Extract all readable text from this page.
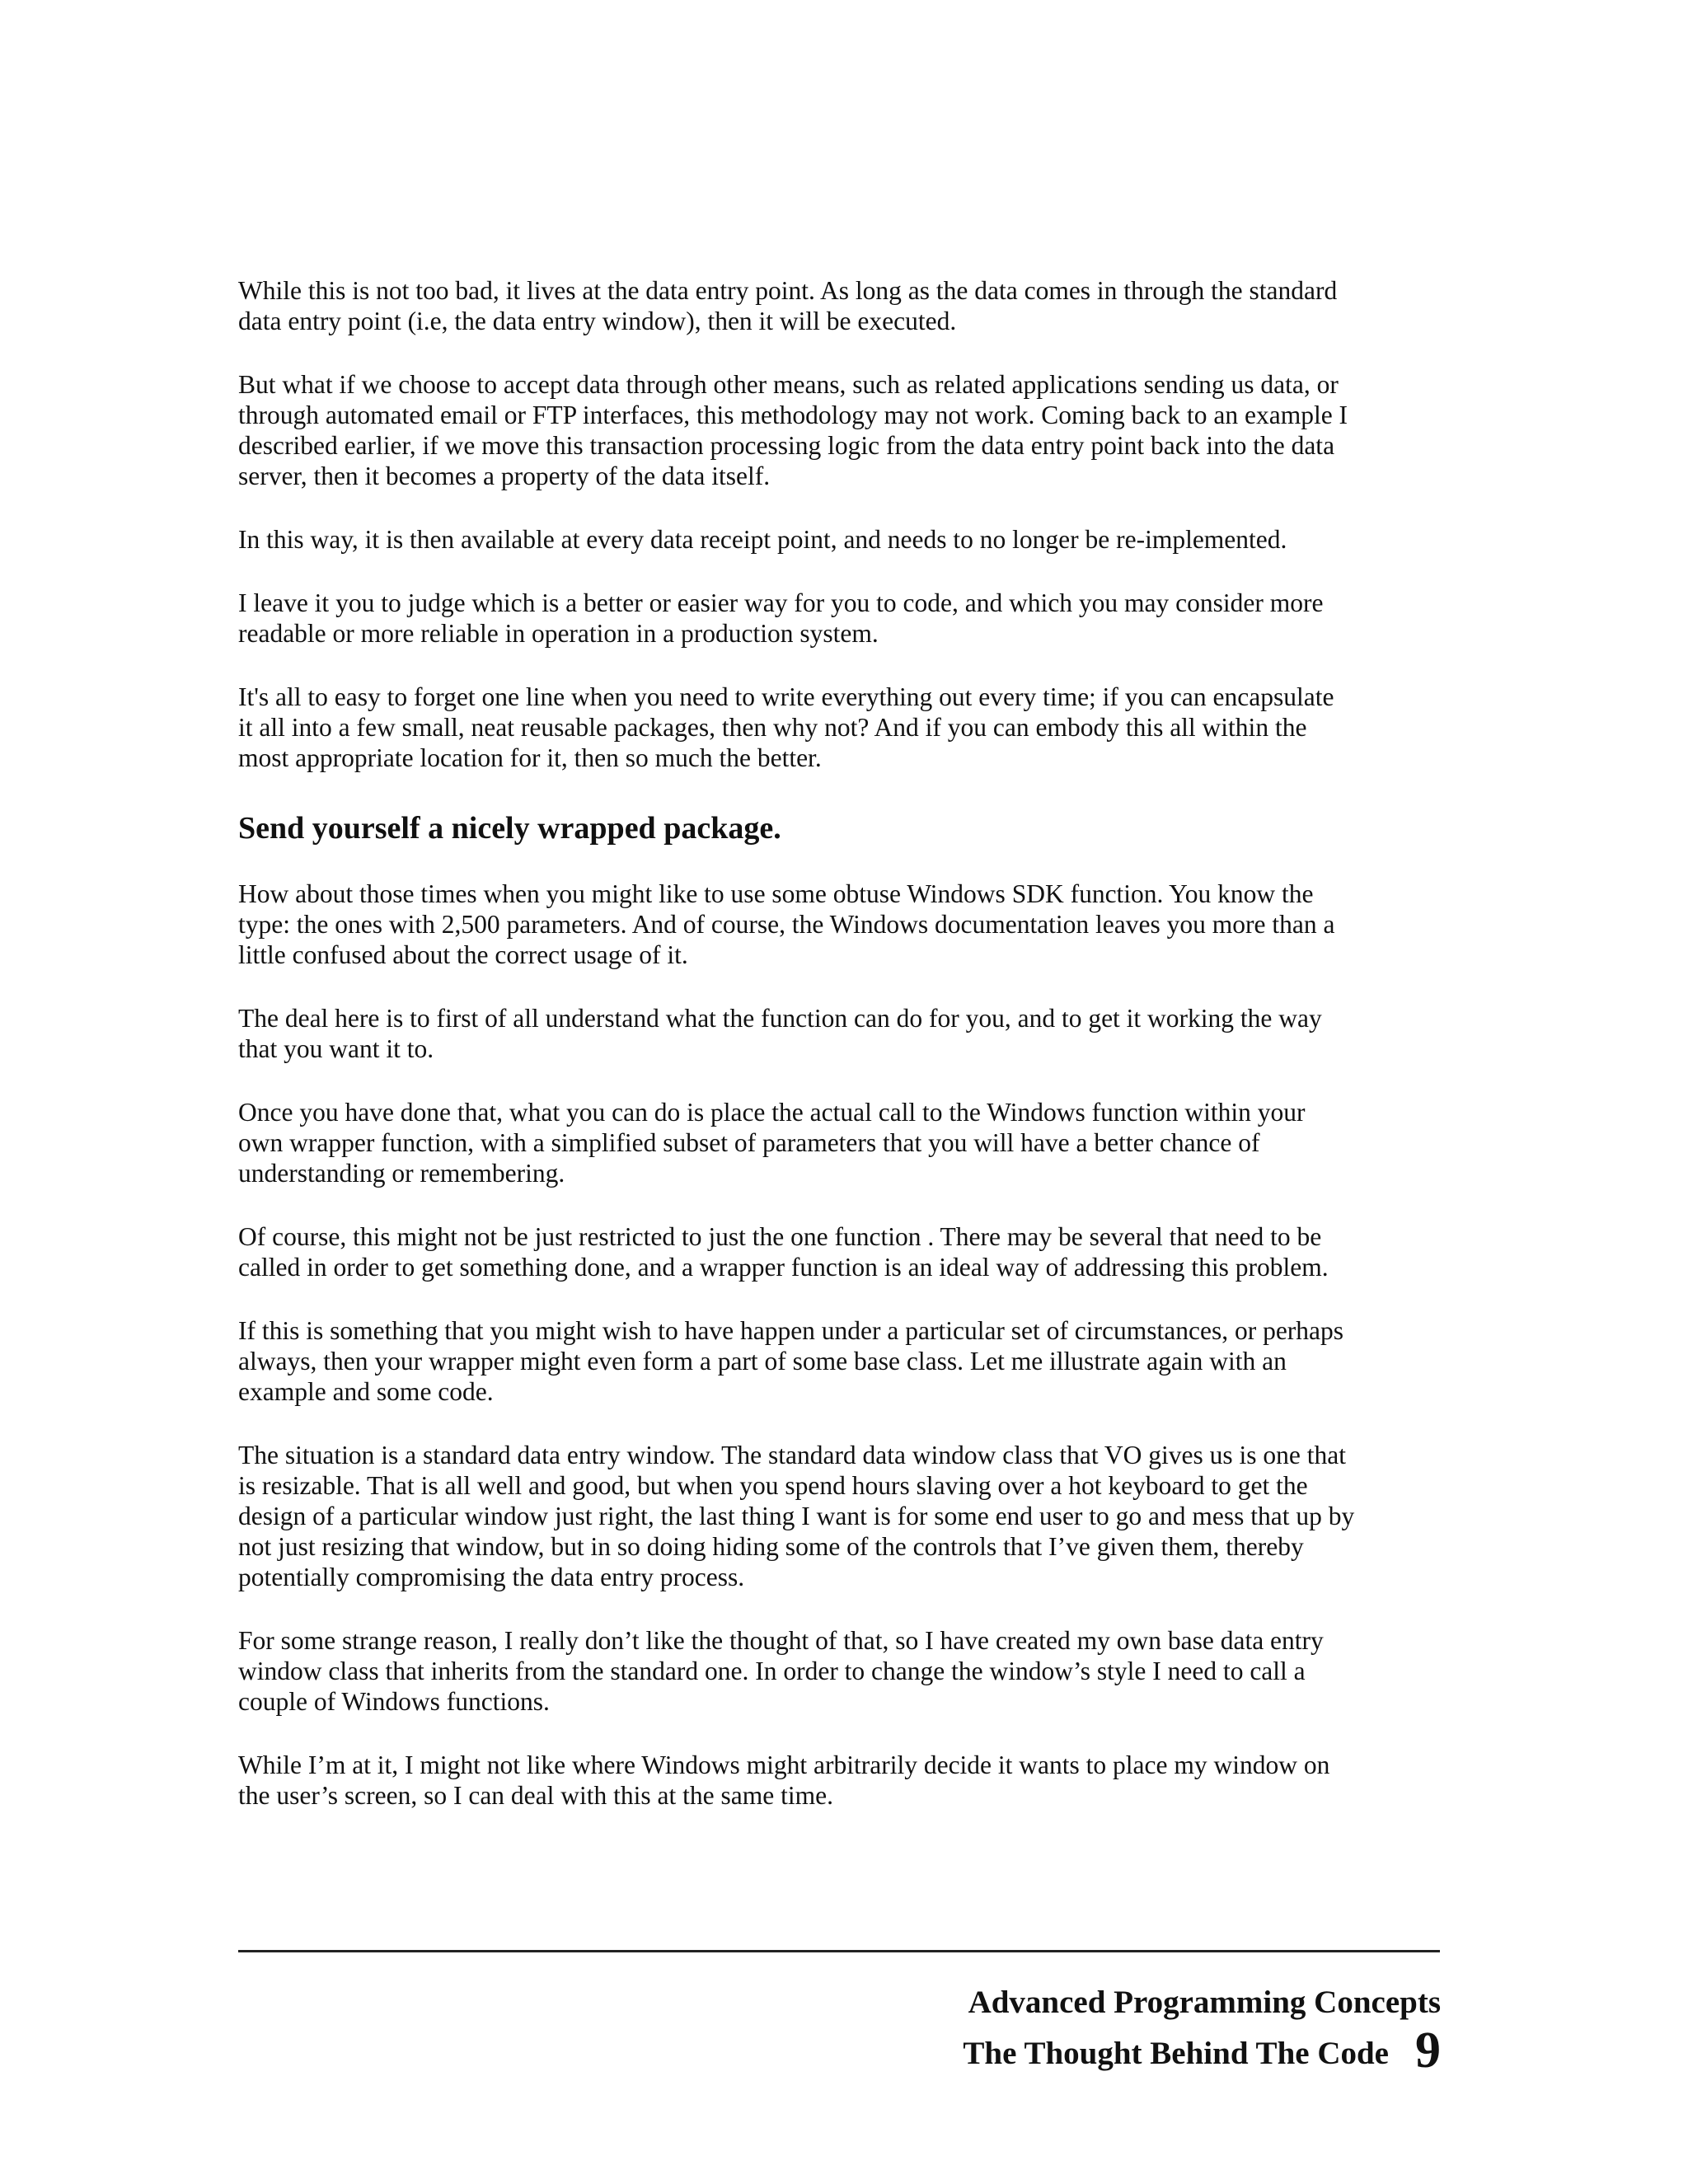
While this is not too bad, it lives at the data entry point. As long as the data comes in through the standard
data entry point (i.e, the data entry window), then it will be executed.

But what if we choose to accept data through other means, such as related applications sending us data, or
through automated email or FTP interfaces, this methodology may not work. Coming back to an example I
described earlier, if we move this transaction processing logic from the data entry point back into the data
server, then it becomes a property of the data itself.

In this way, it is then available at every data receipt point, and needs to no longer be re-implemented.

I leave it you to judge which is a better or easier way for you to code, and which you may consider more
readable or more reliable in operation in a production system.

It's all to easy to forget one line when you need to write everything out every time; if you can encapsulate
it all into a few small, neat reusable packages, then why not? And if you can embody this all within the
most appropriate location for it, then so much the better.

Send yourself a nicely wrapped package.

How about those times when you might like to use some obtuse Windows SDK function. You know the
type: the ones with 2,500 parameters. And of course, the Windows documentation leaves you more than a
little confused about the correct usage of it.

The deal here is to first of all understand what the function can do for you, and to get it working the way
that you want it to.

Once you have done that, what you can do is place the actual call to the Windows function within your
own wrapper function, with a simplified subset of parameters that you will have a better chance of
understanding or remembering.

Of course, this might not be just restricted to just the one function . There may be several that need to be
called in order to get something done, and a wrapper function is an ideal way of addressing this problem.

If this is something that you might wish to have happen under a particular set of circumstances, or perhaps
always, then your wrapper might even form a part of some base class. Let me illustrate again with an
example and some code.

The situation is a standard data entry window. The standard data window class that VO gives us is one that
is resizable. That is all well and good, but when you spend hours slaving over a hot keyboard to get the
design of a particular window just right, the last thing I want is for some end user to go and mess that up by
not just resizing that window, but in so doing hiding some of the controls that I’ve given them, thereby
potentially compromising the data entry process.

For some strange reason, I really don’t like the thought of that, so I have created my own base data entry
window class that inherits from the standard one. In order to change the window’s style I need to call a
couple of Windows functions.

While I’m at it, I might not like where Windows might arbitrarily decide it wants to place my window on
the user’s screen, so I can deal with this at the same time.

Advanced Programming Concepts
The Thought Behind The Code 9
